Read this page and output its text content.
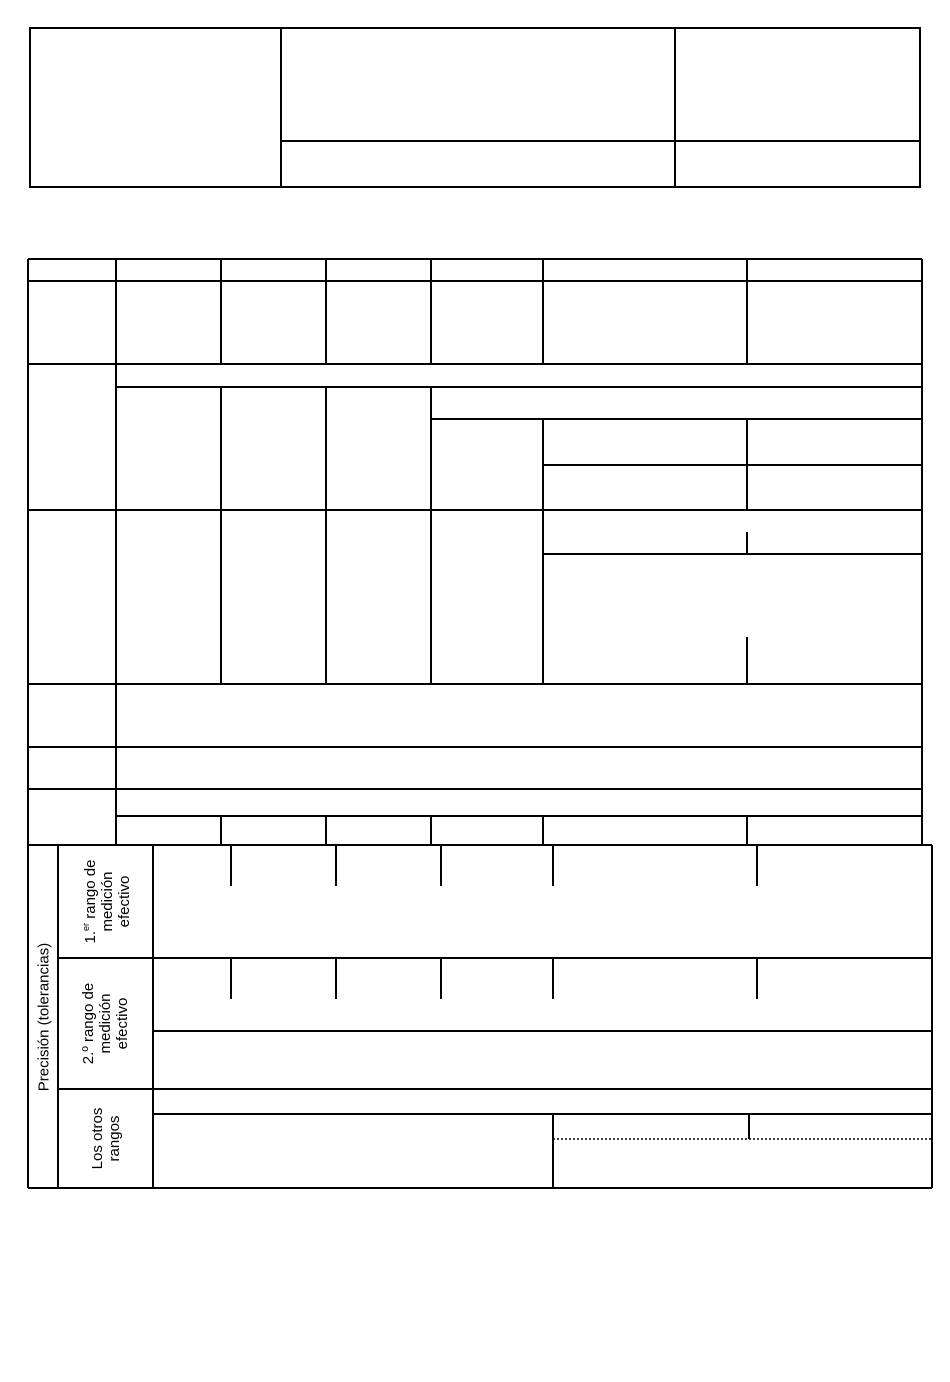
Precisión (tolerancias)
1.$^{er}$ rango de
medición
efectivo
2.º rango de
medición
efectivo
Los otros
rangos
